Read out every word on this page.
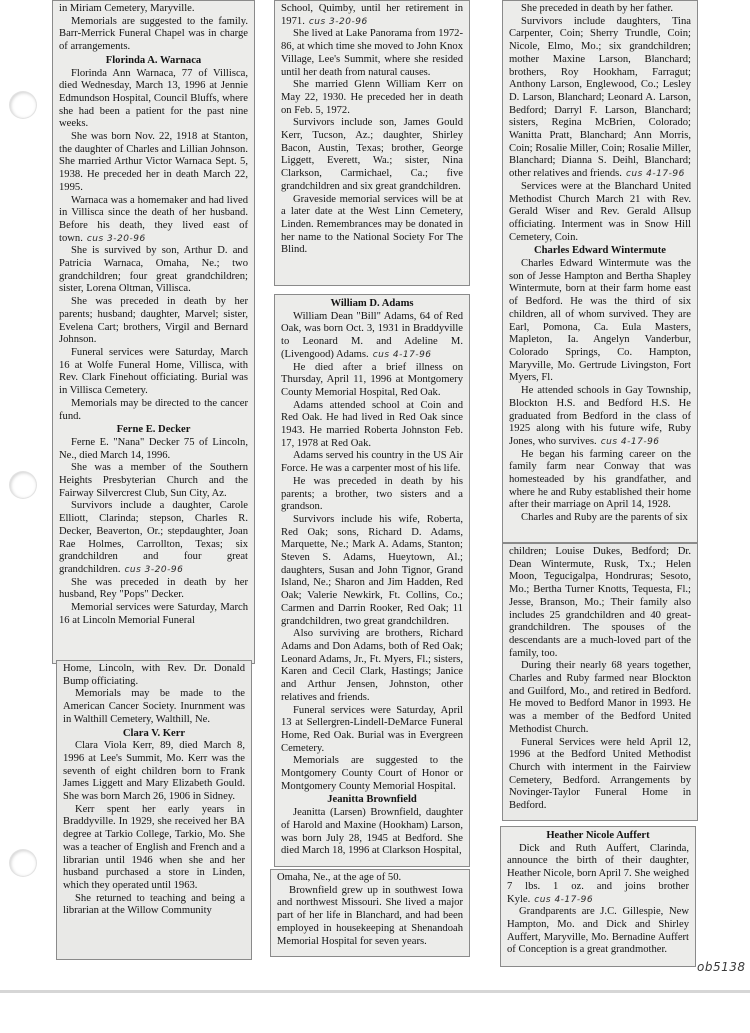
in Miriam Cemetery, Maryville.

Memorials are suggested to the family. Barr-Merrick Funeral Chapel was in charge of arrangements.

Florinda A. Warnaca

Florinda Ann Warnaca, 77 of Villisca, died Wednesday, March 13, 1996 at Jennie Edmundson Hospital, Council Bluffs, where she had been a patient for the past nine weeks.

She was born Nov. 22, 1918 at Stanton, the daughter of Charles and Lillian Johnson. She married Arthur Victor Warnaca Sept. 5, 1938. He preceded her in death March 22, 1995.

Warnaca was a homemaker and had lived in Villisca since the death of her husband. Before his death, they lived east of town. cus 3-20-96

She is survived by son, Arthur D. and Patricia Warnaca, Omaha, Ne.; two grandchildren; four great grandchildren; sister, Lorena Oltman, Villisca.

She was preceded in death by her parents; husband; daughter, Marvel; sister, Evelena Cart; brothers, Virgil and Bernard Johnson.

Funeral services were Saturday, March 16 at Wolfe Funeral Home, Villisca, with Rev. Clark Finehout officiating. Burial was in Villisca Cemetery.

Memorials may be directed to the cancer fund.

Ferne E. Decker

Ferne E. "Nana" Decker 75 of Lincoln, Ne., died March 14, 1996.

She was a member of the Southern Heights Presbyterian Church and the Fairway Silvercrest Club, Sun City, Az.

Survivors include a daughter, Carole Elliott, Clarinda; stepson, Charles R. Decker, Beaverton, Or.; stepdaughter, Joan Rae Holmes, Carrollton, Texas; six grandchildren and four great grandchildren. cus 3-20-96

She was preceded in death by her husband, Rey "Pops" Decker.

Memorial services were Saturday, March 16 at Lincoln Memorial Funeral

Home, Lincoln, with Rev. Dr. Donald Bump officiating.

Memorials may be made to the American Cancer Society. Inurnment was in Walthill Cemetery, Walthill, Ne.

Clara V. Kerr

Clara Viola Kerr, 89, died March 8, 1996 at Lee's Summit, Mo. Kerr was the seventh of eight children born to Frank James Liggett and Mary Elizabeth Gould. She was born March 26, 1906 in Sidney.

Kerr spent her early years in Braddyville. In 1929, she received her BA degree at Tarkio College, Tarkio, Mo. She was a teacher of English and French and a librarian until 1946 when she and her husband purchased a store in Linden, which they operated until 1963.

She returned to teaching and being a librarian at the Willow Community

School, Quimby, until her retirement in 1971. cus 3-20-96

She lived at Lake Panorama from 1972-86, at which time she moved to John Knox Village, Lee's Summit, where she resided until her death from natural causes.

She married Glenn William Kerr on May 22, 1930. He preceded her in death on Feb. 5, 1972.

Survivors include son, James Gould Kerr, Tucson, Az.; daughter, Shirley Bacon, Austin, Texas; brother, George Liggett, Everett, Wa.; sister, Nina Clarkson, Carmichael, Ca.; five grandchildren and six great grandchildren.

Graveside memorial services will be at a later date at the West Linn Cemetery, Linden. Remembrances may be donated in her name to the National Society For The Blind.

William D. Adams

William Dean "Bill" Adams, 64 of Red Oak, was born Oct. 3, 1931 in Braddyville to Leonard M. and Adeline M. (Livengood) Adams. cus 4-17-96

He died after a brief illness on Thursday, April 11, 1996 at Montgomery County Memorial Hospital, Red Oak.

Adams attended school at Coin and Red Oak. He had lived in Red Oak since 1943. He married Roberta Johnston Feb. 17, 1978 at Red Oak.

Adams served his country in the US Air Force. He was a carpenter most of his life.

He was preceded in death by his parents; a brother, two sisters and a grandson.

Survivors include his wife, Roberta, Red Oak; sons, Richard D. Adams, Marquette, Ne.; Mark A. Adams, Stanton; Steven S. Adams, Hueytown, Al.; daughters, Susan and John Tignor, Grand Island, Ne.; Sharon and Jim Hadden, Red Oak; Valerie Newkirk, Ft. Collins, Co.; Carmen and Darrin Rooker, Red Oak; 11 grandchildren, two great grandchildren.

Also surviving are brothers, Richard Adams and Don Adams, both of Red Oak; Leonard Adams, Jr., Ft. Myers, Fl.; sisters, Karen and Cecil Clark, Hastings; Janice and Arthur Jensen, Johnston, other relatives and friends.

Funeral services were Saturday, April 13 at Sellergren-Lindell-DeMarce Funeral Home, Red Oak. Burial was in Evergreen Cemetery.

Memorials are suggested to the Montgomery County Court of Honor or Montgomery County Memorial Hospital.

Jeanitta Brownfield

Jeanitta (Larsen) Brownfield, daughter of Harold and Maxine (Hookham) Larson, was born July 28, 1945 at Bedford. She died March 18, 1996 at Clarkson Hospital,

Omaha, Ne., at the age of 50.

Brownfield grew up in southwest Iowa and northwest Missouri. She lived a major part of her life in Blanchard, and had been employed in housekeeping at Shenandoah Memorial Hospital for seven years.

She preceded in death by her father.

Survivors include daughters, Tina Carpenter, Coin; Sherry Trundle, Coin; Nicole, Elmo, Mo.; six grandchildren; mother Maxine Larson, Blanchard; brothers, Roy Hookham, Farragut; Anthony Larson, Englewood, Co.; Lesley D. Larson, Blanchard; Leonard A. Larson, Bedford; Darryl F. Larson, Blanchard; sisters, Regina McBrien, Colorado; Wanitta Pratt, Blanchard; Ann Morris, Coin; Rosalie Miller, Coin; Rosalie Miller, Blanchard; Dianna S. Deihl, Blanchard; other relatives and friends. cus 4-17-96

Services were at the Blanchard United Methodist Church March 21 with Rev. Gerald Wiser and Rev. Gerald Allsup officiating. Interment was in Snow Hill Cemetery, Coin.

Charles Edward Wintermute

Charles Edward Wintermute was the son of Jesse Hampton and Bertha Shapley Wintermute, born at their farm home east of Bedford. He was the third of six children, all of whom survived. They are Earl, Pomona, Ca. Eula Masters, Mapleton, Ia. Angelyn Vanderbur, Colorado Springs, Co. Hampton, Maryville, Mo. Gertrude Livingston, Fort Myers, Fl.

He attended schools in Gay Township, Blockton H.S. and Bedford H.S. He graduated from Bedford in the class of 1925 along with his future wife, Ruby Jones, who survives. cus 4-17-96

He began his farming career on the family farm near Conway that was homesteaded by his grandfather, and where he and Ruby established their home after their marriage on April 14, 1928.

Charles and Ruby are the parents of six

children; Louise Dukes, Bedford; Dr. Dean Wintermute, Rusk, Tx.; Helen Moon, Tegucigalpa, Hondruras; Sesoto, Mo.; Bertha Turner Knotts, Tequesta, Fl.; Jesse, Branson, Mo.; Their family also includes 25 grandchildren and 40 great-grandchildren. The spouses of the descendants are a much-loved part of the family, too.

During their nearly 68 years together, Charles and Ruby farmed near Blockton and Guilford, Mo., and retired in Bedford. He moved to Bedford Manor in 1993. He was a member of the Bedford United Methodist Church.

Funeral Services were held April 12, 1996 at the Bedford United Methodist Church with interment in the Fairview Cemetery, Bedford. Arrangements by Novinger-Taylor Funeral Home in Bedford.

Heather Nicole Auffert

Dick and Ruth Auffert, Clarinda, announce the birth of their daughter, Heather Nicole, born April 7. She weighed 7 lbs. 1 oz. and joins brother Kyle. cus 4-17-96

Grandparents are J.C. Gillespie, New Hampton, Mo. and Dick and Shirley Auffert, Maryville, Mo. Bernadine Auffert of Conception is a great grandmother.

ob5138
